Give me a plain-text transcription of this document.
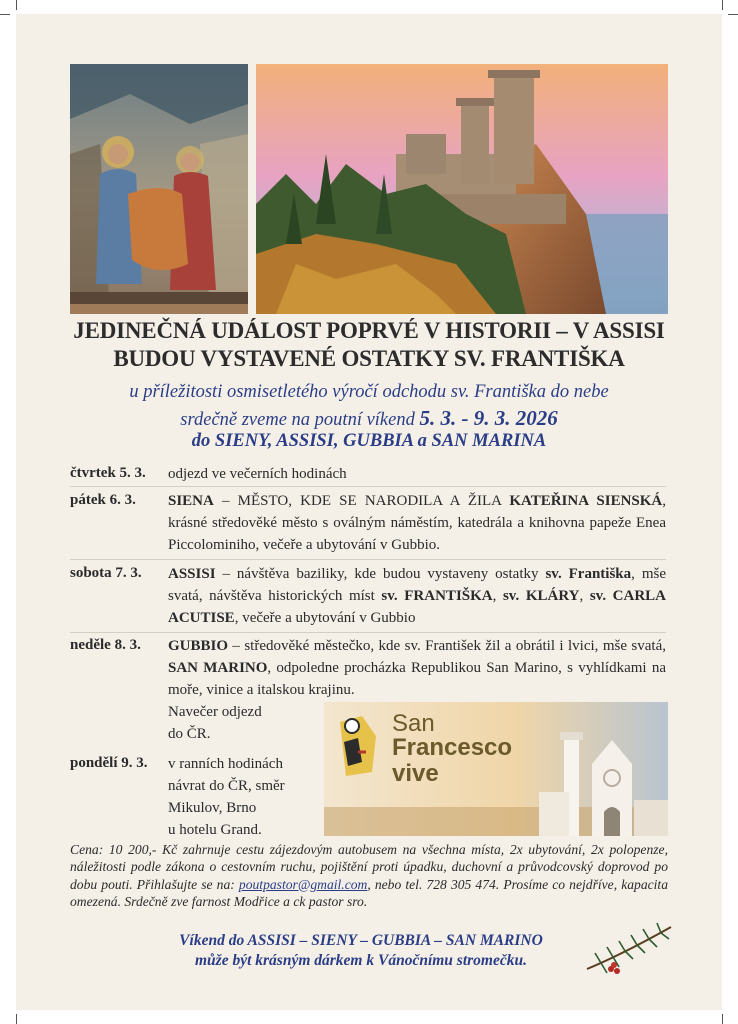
JEDINEČNÁ UDÁLOST POPRVÉ V HISTORII – V ASSISI
BUDOU VYSTAVENÉ OSTATKY SV. FRANTIŠKA
u příležitosti osmisetletého výročí odchodu sv. Františka do nebe
srdečně zveme na poutní víkend 5. 3. - 9. 3. 2026
do SIENY, ASSISI, GUBBIA a SAN MARINA
čtvrtek 5. 3. odjezd ve večerních hodinách
pátek 6. 3. SIENA – MĚSTO, KDE SE NARODILA A ŽILA KATEŘINA SIENSKÁ, krásné středověké město s oválným náměstím, katedrála a knihovna papeže Enea Piccolominiho, večeře a ubytování v Gubbio.
sobota 7. 3. ASSISI – návštěva baziliky, kde budou vystaveny ostatky sv. Františka, mše svatá, návštěva historických míst sv. FRANTIŠKA, sv. KLÁRY, sv. CARLA ACUTISE, večeře a ubytování v Gubbio
neděle 8. 3. GUBBIO – středověké městečko, kde sv. František žil a obrátil i lvici, mše svatá, SAN MARINO, odpoledne procházka Republikou San Marino, s vyhlídkami na moře, vinice a italskou krajinu.
Navečer odjezd
do ČR.
pondělí 9. 3. v ranních hodinách
návrat do ČR, směr
Mikulov, Brno
u hotelu Grand.
San
Francesco
vive
Cena: 10 200,- Kč zahrnuje cestu zájezdovým autobusem na všechna místa, 2x ubytování, 2x polopenze, náležitosti podle zákona o cestovním ruchu, pojištění proti úpadku, duchovní a průvodcovský doprovod po dobu pouti. Přihlašujte se na: poutpastor@gmail.com, nebo tel. 728 305 474. Prosíme co nejdříve, kapacita omezená. Srdečně zve farnost Modřice a ck pastor sro.
Víkend do ASSISI – SIENY – GUBBIA – SAN MARINO
může být krásným dárkem k Vánočnímu stromečku.
